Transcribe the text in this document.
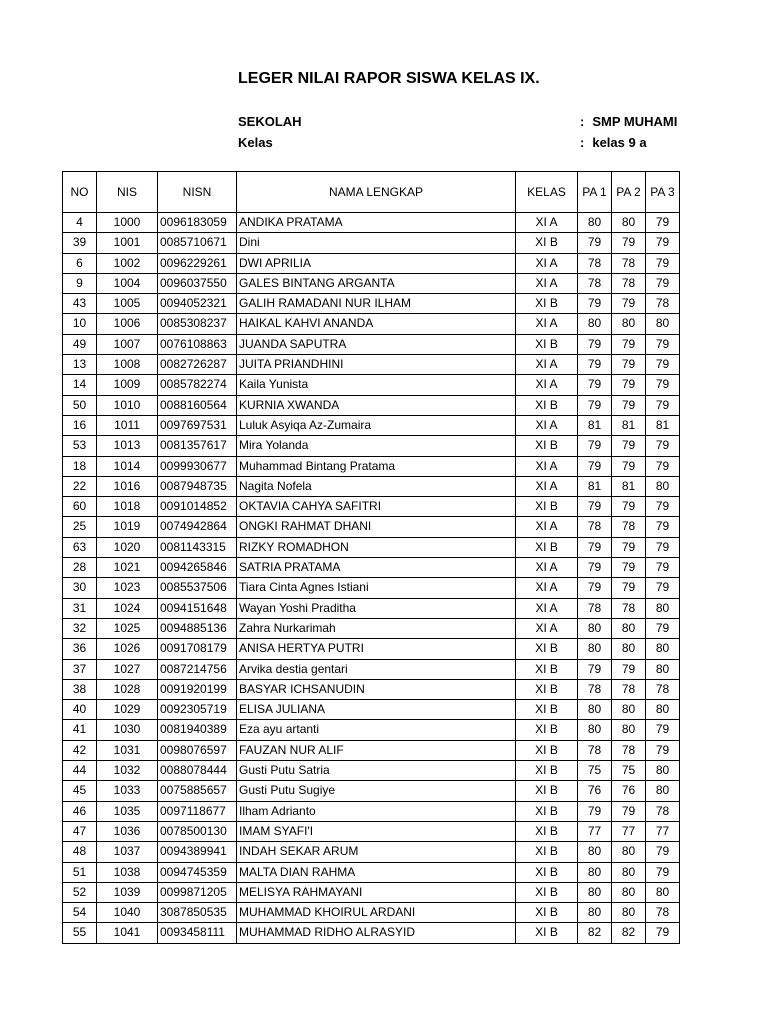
LEGER NILAI RAPOR SISWA KELAS IX.
SEKOLAH	: SMP MUHAMI
Kelas	: kelas 9 a
NO	NIS	NISN	NAMA LENGKAP	KELAS	PA 1	PA 2	PA 3
4	1000	0096183059	ANDIKA PRATAMA	XI A	80	80	79
39	1001	0085710671	Dini	XI B	79	79	79
6	1002	0096229261	DWI APRILIA	XI A	78	78	79
9	1004	0096037550	GALES BINTANG ARGANTA	XI A	78	78	79
43	1005	0094052321	GALIH RAMADANI NUR ILHAM	XI B	79	79	78
10	1006	0085308237	HAIKAL KAHVI ANANDA	XI A	80	80	80
49	1007	0076108863	JUANDA SAPUTRA	XI B	79	79	79
13	1008	0082726287	JUITA PRIANDHINI	XI A	79	79	79
14	1009	0085782274	Kaila Yunista	XI A	79	79	79
50	1010	0088160564	KURNIA XWANDA	XI B	79	79	79
16	1011	0097697531	Luluk Asyiqa Az-Zumaira	XI A	81	81	81
53	1013	0081357617	Mira Yolanda	XI B	79	79	79
18	1014	0099930677	Muhammad Bintang Pratama	XI A	79	79	79
22	1016	0087948735	Nagita Nofela	XI A	81	81	80
60	1018	0091014852	OKTAVIA CAHYA SAFITRI	XI B	79	79	79
25	1019	0074942864	ONGKI RAHMAT DHANI	XI A	78	78	79
63	1020	0081143315	RIZKY ROMADHON	XI B	79	79	79
28	1021	0094265846	SATRIA PRATAMA	XI A	79	79	79
30	1023	0085537506	Tiara Cinta Agnes Istiani	XI A	79	79	79
31	1024	0094151648	Wayan Yoshi Praditha	XI A	78	78	80
32	1025	0094885136	Zahra Nurkarimah	XI A	80	80	79
36	1026	0091708179	ANISA HERTYA PUTRI	XI B	80	80	80
37	1027	0087214756	Arvika destia gentari	XI B	79	79	80
38	1028	0091920199	BASYAR ICHSANUDIN	XI B	78	78	78
40	1029	0092305719	ELISA JULIANA	XI B	80	80	80
41	1030	0081940389	Eza ayu artanti	XI B	80	80	79
42	1031	0098076597	FAUZAN NUR ALIF	XI B	78	78	79
44	1032	0088078444	Gusti Putu Satria	XI B	75	75	80
45	1033	0075885657	Gusti Putu Sugiye	XI B	76	76	80
46	1035	0097118677	Ilham Adrianto	XI B	79	79	78
47	1036	0078500130	IMAM SYAFI'I	XI B	77	77	77
48	1037	0094389941	INDAH SEKAR ARUM	XI B	80	80	79
51	1038	0094745359	MALTA DIAN RAHMA	XI B	80	80	79
52	1039	0099871205	MELISYA RAHMAYANI	XI B	80	80	80
54	1040	3087850535	MUHAMMAD KHOIRUL ARDANI	XI B	80	80	78
55	1041	0093458111	MUHAMMAD RIDHO ALRASYID	XI B	82	82	79
